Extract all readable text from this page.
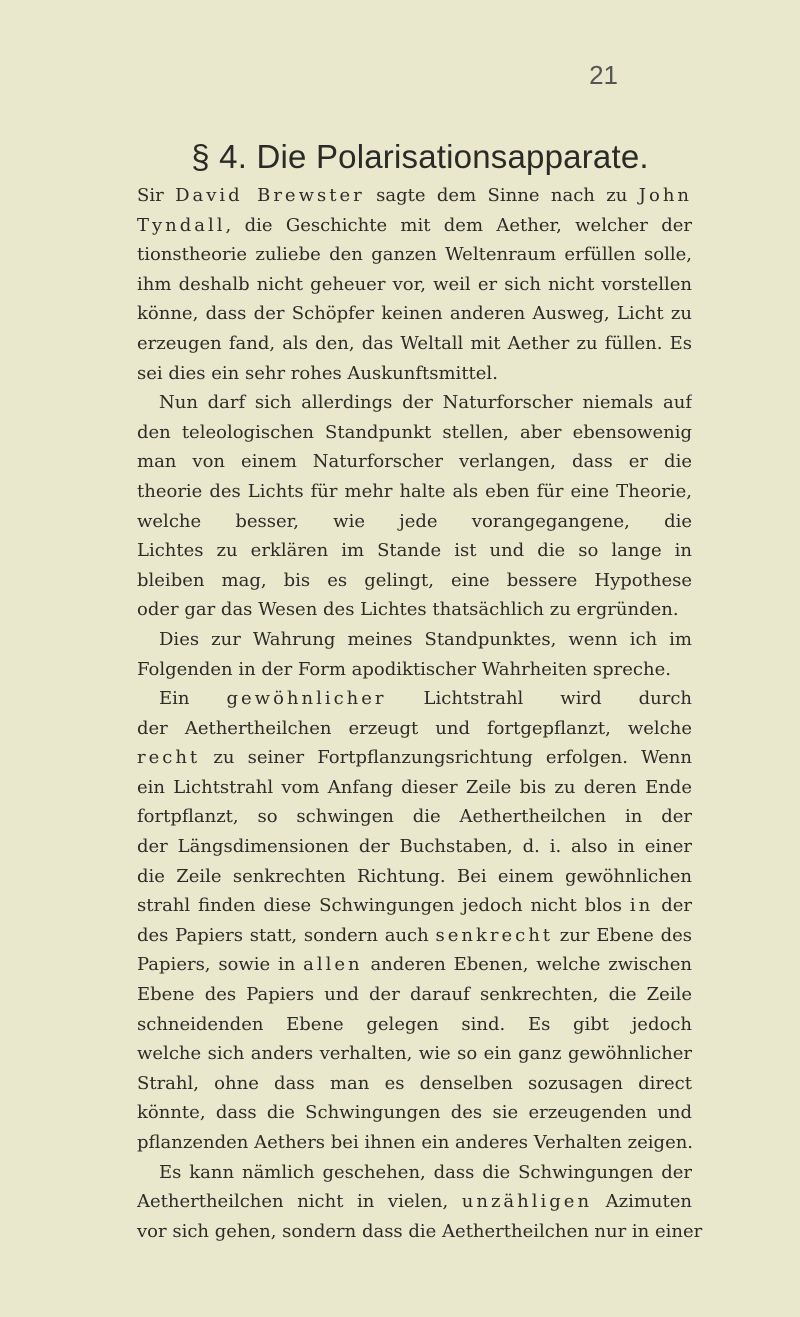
21
§ 4. Die Polarisationsapparate.
Sir David Brewster sagte dem Sinne nach zu John
Tyndall, die Geschichte mit dem Aether, welcher der
tionstheorie zuliebe den ganzen Weltenraum erfüllen solle,
ihm deshalb nicht geheuer vor, weil er sich nicht vorstellen
könne, dass der Schöpfer keinen anderen Ausweg, Licht zu
erzeugen fand, als den, das Weltall mit Aether zu füllen. Es
sei dies ein sehr rohes Auskunftsmittel.
Nun darf sich allerdings der Naturforscher niemals auf
den teleologischen Standpunkt stellen, aber ebensowenig
man von einem Naturforscher verlangen, dass er die
theorie des Lichts für mehr halte als eben für eine Theorie,
welche besser, wie jede vorangegangene, die
Lichtes zu erklären im Stande ist und die so lange in
bleiben mag, bis es gelingt, eine bessere Hypothese
oder gar das Wesen des Lichtes thatsächlich zu ergründen.
Dies zur Wahrung meines Standpunktes, wenn ich im
Folgenden in der Form apodiktischer Wahrheiten spreche.
Ein gewöhnlicher Lichtstrahl wird durch
der Aethertheilchen erzeugt und fortgepflanzt, welche
recht zu seiner Fortpflanzungsrichtung erfolgen. Wenn
ein Lichtstrahl vom Anfang dieser Zeile bis zu deren Ende
fortpflanzt, so schwingen die Aethertheilchen in der
der Längsdimensionen der Buchstaben, d. i. also in einer
die Zeile senkrechten Richtung. Bei einem gewöhnlichen
strahl finden diese Schwingungen jedoch nicht blos in der
des Papiers statt, sondern auch senkrecht zur Ebene des
Papiers, sowie in allen anderen Ebenen, welche zwischen
Ebene des Papiers und der darauf senkrechten, die Zeile
schneidenden Ebene gelegen sind. Es gibt jedoch
welche sich anders verhalten, wie so ein ganz gewöhnlicher
Strahl, ohne dass man es denselben sozusagen direct
könnte, dass die Schwingungen des sie erzeugenden und
pflanzenden Aethers bei ihnen ein anderes Verhalten zeigen.
Es kann nämlich geschehen, dass die Schwingungen der
Aethertheilchen nicht in vielen, unzähligen Azimuten
vor sich gehen, sondern dass die Aethertheilchen nur in einer
